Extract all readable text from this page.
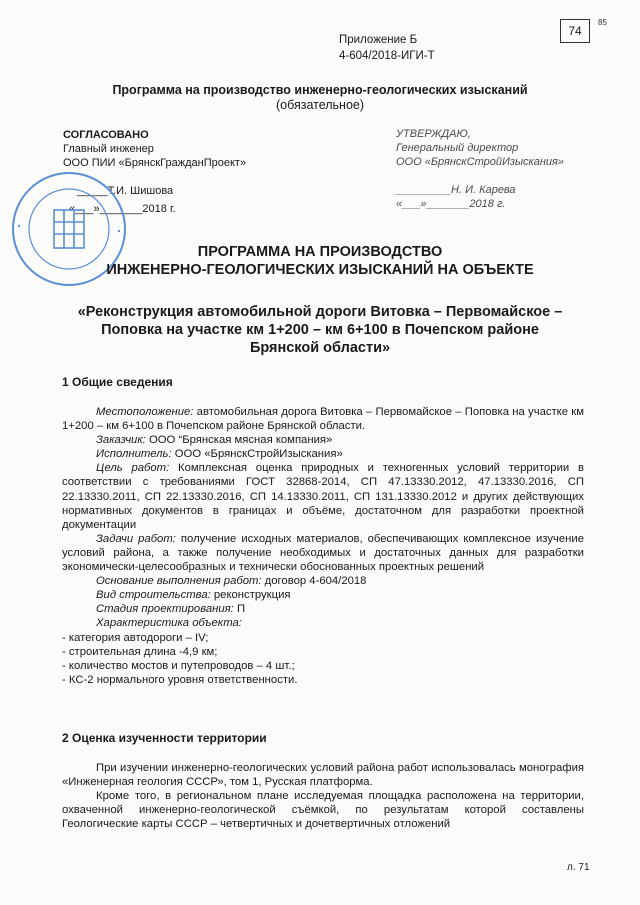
74
85
Приложение Б
4-604/2018-ИГИ-Т
Программа на производство инженерно-геологических изысканий
(обязательное)
СОГЛАСОВАНО
Главный инженер
ООО ПИИ «БрянскГражданПроект»
_____Т.И. Шишова
«___»_______2018 г.
УТВЕРЖДАЮ,
Генеральный директор
ООО «БрянскСтройИзыскания»
_________Н. И. Карева
«___»_______2018 г.
ПРОГРАММА НА ПРОИЗВОДСТВО
ИНЖЕНЕРНО-ГЕОЛОГИЧЕСКИХ ИЗЫСКАНИЙ НА ОБЪЕКТЕ
«Реконструкция автомобильной дороги Витовка – Первомайское –
Поповка на участке км 1+200 – км 6+100 в Почепском районе
Брянской области»
1 Общие сведения
Местоположение: автомобильная дорога Витовка – Первомайское – Поповка на участке км 1+200 – км 6+100 в Почепском районе Брянской области.
Заказчик: ООО “Брянская мясная компания»
Исполнитель: ООО «БрянскСтройИзыскания»
Цель работ: Комплексная оценка природных и техногенных условий территории в соответствии с требованиями ГОСТ 32868-2014, СП 47.13330.2012, 47.13330.2016, СП 22.13330.2011, СП 22.13330.2016, СП 14.13330.2011, СП 131.13330.2012 и других действующих нормативных документов в границах и объёме, достаточном для разработки проектной документации
Задачи работ: получение исходных материалов, обеспечивающих комплексное изучение условий района, а также получение необходимых и достаточных данных для разработки экономически-целесообразных и технически обоснованных проектных решений
Основание выполнения работ: договор 4-604/2018
Вид строительства: реконструкция
Стадия проектирования: П
Характеристика объекта:
- категория автодороги – IV;
- строительная длина -4,9 км;
- количество мостов и путепроводов – 4 шт.;
- КС-2 нормального уровня ответственности.
2 Оценка изученности территории
При изучении инженерно-геологических условий района работ использовалась монография «Инженерная геология СССР», том 1, Русская платформа.
Кроме того, в региональном плане исследуемая площадка расположена на территории, охваченной инженерно-геологической съёмкой, по результатам которой составлены Геологические карты СССР – четвертичных и дочетвертичных отложений
л. 71
